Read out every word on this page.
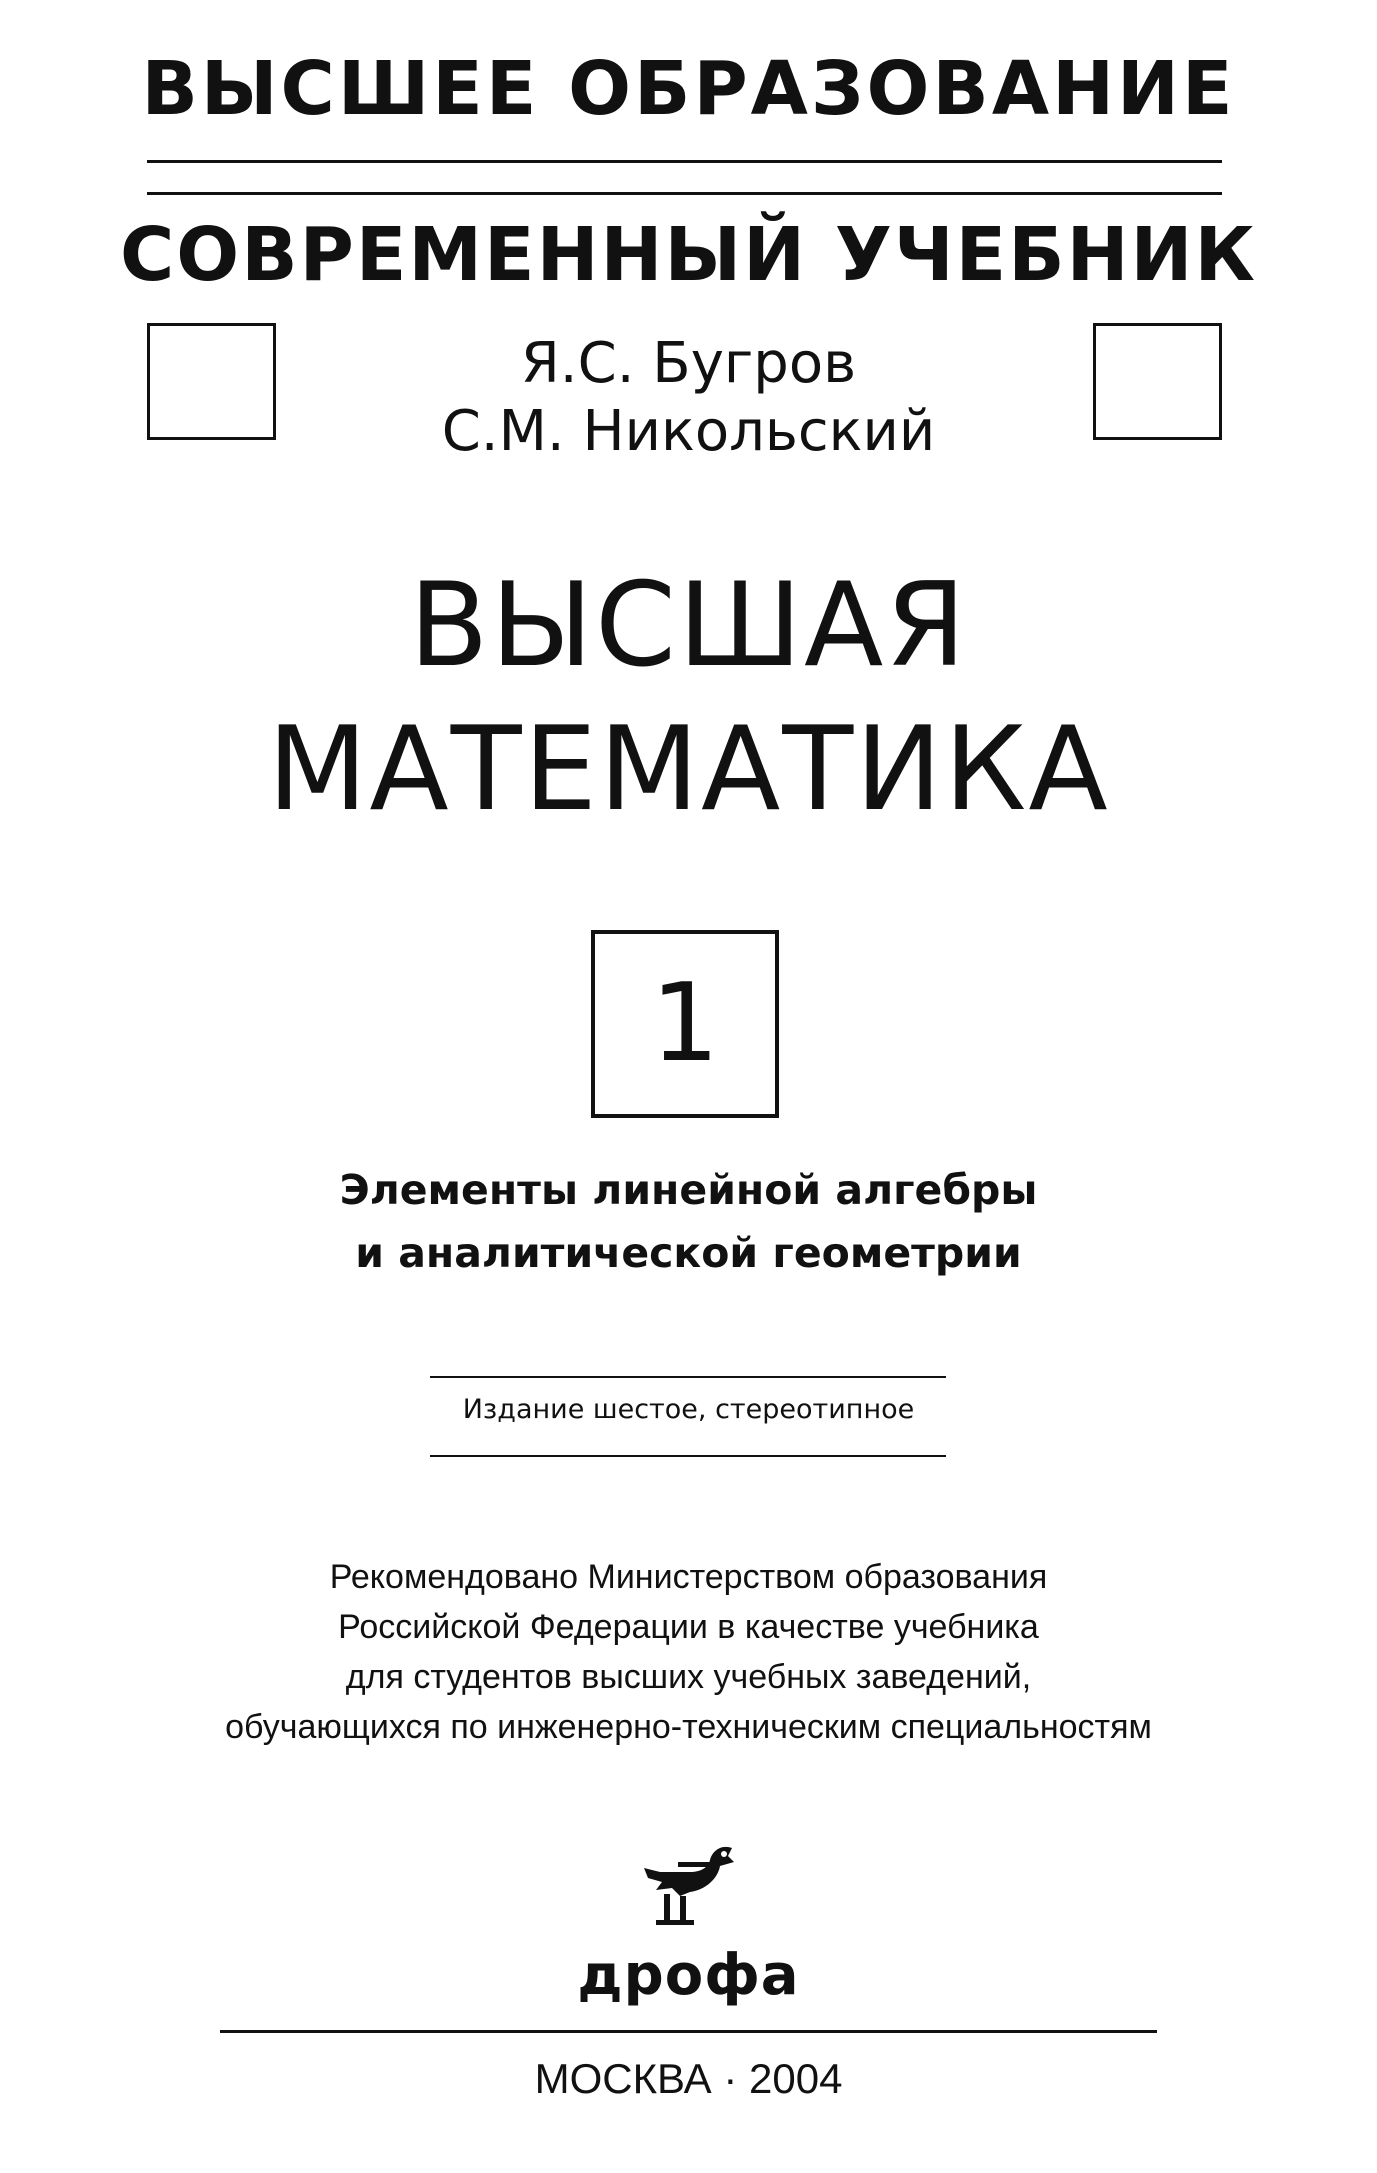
ВЫСШЕЕ ОБРАЗОВАНИЕ
СОВРЕМЕННЫЙ УЧЕБНИК
Я.С. Бугров
С.М. Никольский
ВЫСШАЯ
МАТЕМАТИКА
1
Элементы линейной алгебры
и аналитической геометрии
Издание шестое, стереотипное
Рекомендовано Министерством образования
Российской Федерации в качестве учебника
для студентов высших учебных заведений,
обучающихся по инженерно-техническим специальностям
дрофа
МОСКВА · 2004
